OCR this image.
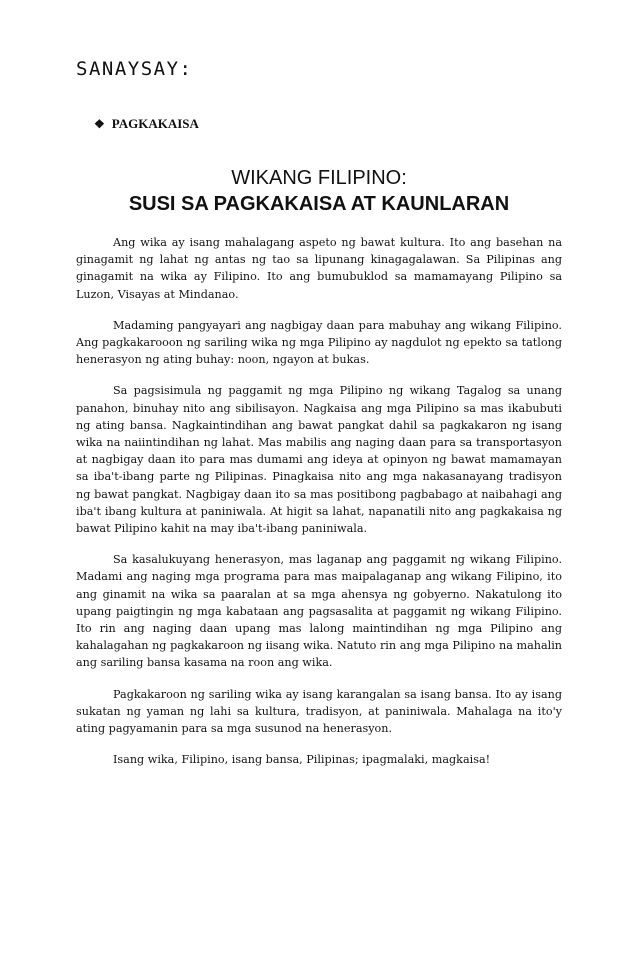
SANAYSAY:
❖ PAGKAKAISA
WIKANG FILIPINO:
SUSI SA PAGKAKAISA AT KAUNLARAN

Ang wika ay isang mahalagang aspeto ng bawat kultura. Ito ang basehan na ginagamit ng lahat ng antas ng tao sa lipunang kinagagalawan. Sa Pilipinas ang ginagamit na wika ay Filipino. Ito ang bumubuklod sa mamamayang Pilipino sa Luzon, Visayas at Mindanao.

Madaming pangyayari ang nagbigay daan para mabuhay ang wikang Filipino. Ang pagkakarooon ng sariling wika ng mga Pilipino ay nagdulot ng epekto sa tatlong henerasyon ng ating buhay: noon, ngayon at bukas.

Sa pagsisimula ng paggamit ng mga Pilipino ng wikang Tagalog sa unang panahon, binuhay nito ang sibilisayon. Nagkaisa ang mga Pilipino sa mas ikabubuti ng ating bansa. Nagkaintindihan ang bawat pangkat dahil sa pagkakaron ng isang wika na naiintindihan ng lahat. Mas mabilis ang naging daan para sa transportasyon at nagbigay daan ito para mas dumami ang ideya at opinyon ng bawat mamamayan sa iba't-ibang parte ng Pilipinas. Pinagkaisa nito ang mga nakasanayang tradisyon ng bawat pangkat. Nagbigay daan ito sa mas positibong pagbabago at naibahagi ang iba't ibang kultura at paniniwala. At higit sa lahat, napanatili nito ang pagkakaisa ng bawat Pilipino kahit na may iba't-ibang paniniwala.

Sa kasalukuyang henerasyon, mas laganap ang paggamit ng wikang Filipino. Madami ang naging mga programa para mas maipalaganap ang wikang Filipino, ito ang ginamit na wika sa paaralan at sa mga ahensya ng gobyerno. Nakatulong ito upang paigtingin ng mga kabataan ang pagsasalita at paggamit ng wikang Filipino. Ito rin ang naging daan upang mas lalong maintindihan ng mga Pilipino ang kahalagahan ng pagkakaroon ng iisang wika. Natuto rin ang mga Pilipino na mahalin ang sariling bansa kasama na roon ang wika.

Pagkakaroon ng sariling wika ay isang karangalan sa isang bansa. Ito ay isang sukatan ng yaman ng lahi sa kultura, tradisyon, at paniniwala. Mahalaga na ito'y ating pagyamanin para sa mga susunod na henerasyon.

Isang wika, Filipino, isang bansa, Pilipinas; ipagmalaki, magkaisa!
